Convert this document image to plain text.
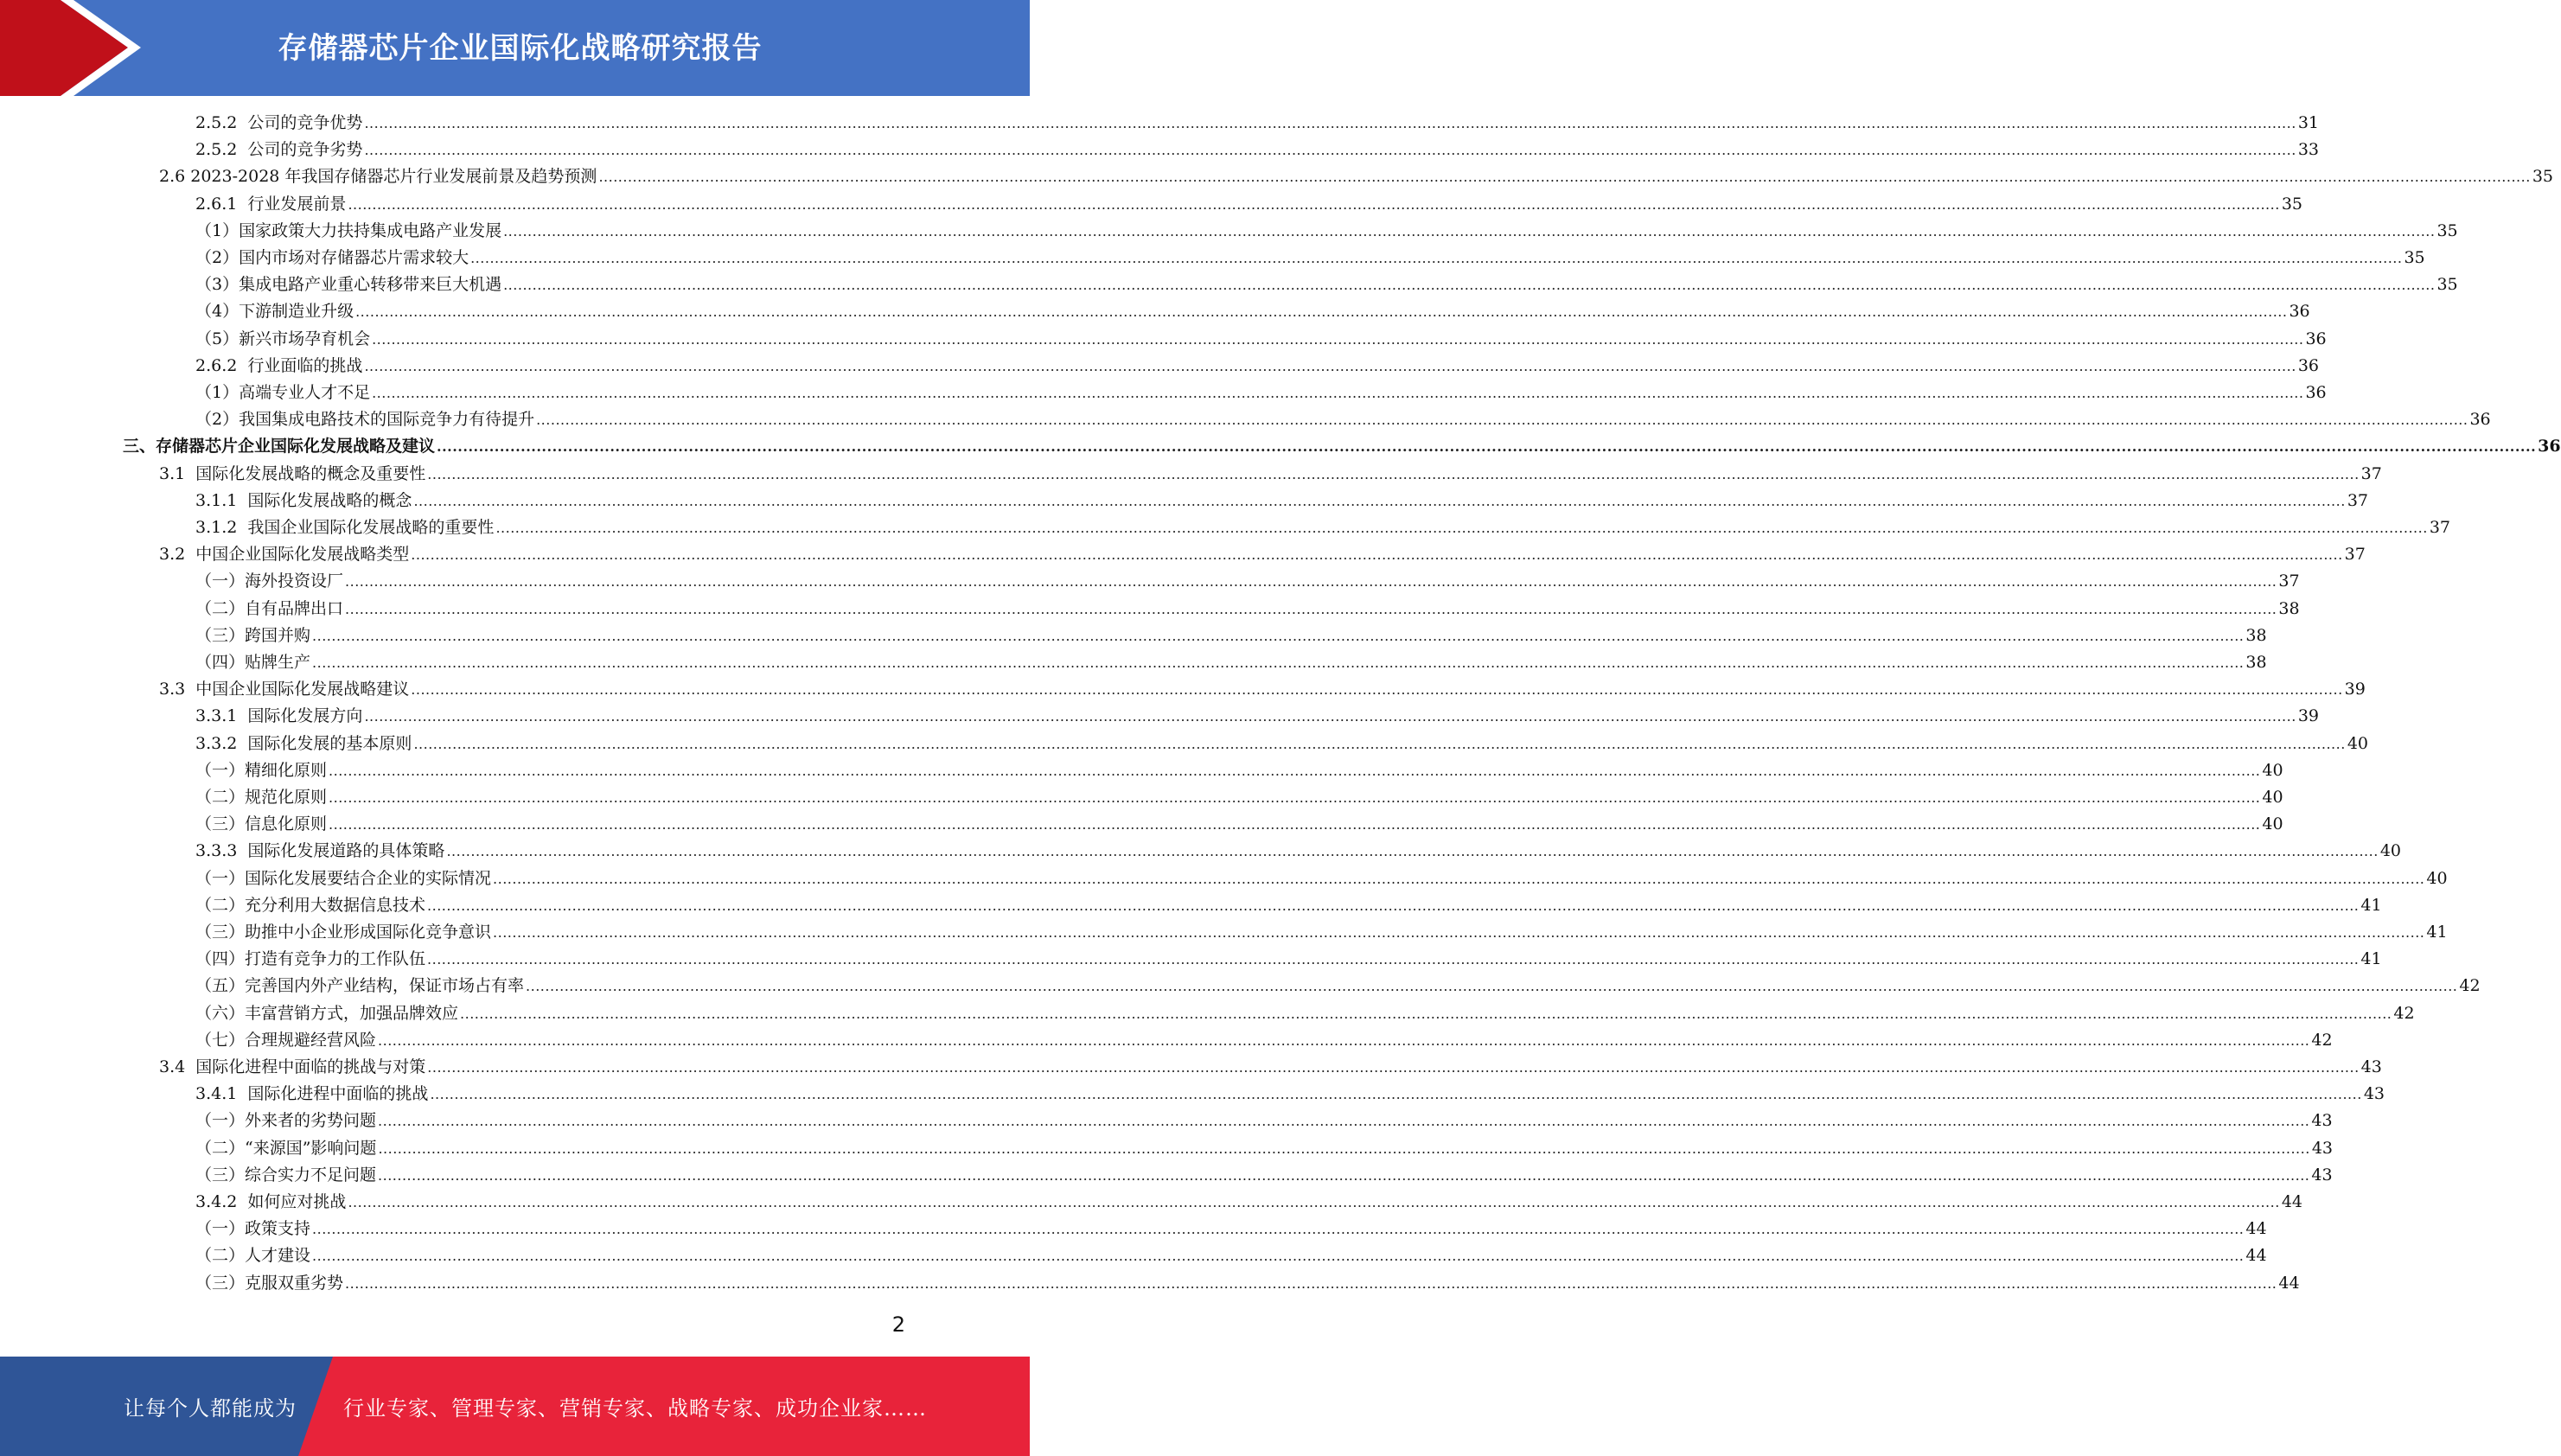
存储器芯片企业国际化战略研究报告
2.5.2  公司的竞争优势 ................................................................................................................................................................................................................................................................................................................................................................................................................ 31
2.5.2  公司的竞争劣势 ................................................................................................................................................................................................................................................................................................................................................................................................................ 33
2.6 2023-2028 年我国存储器芯片行业发展前景及趋势预测 ................................................................................................................................................................................................................................................................................................................................................................................................................ 35
2.6.1  行业发展前景 ................................................................................................................................................................................................................................................................................................................................................................................................................ 35
（1）国家政策大力扶持集成电路产业发展 ................................................................................................................................................................................................................................................................................................................................................................................................................ 35
（2）国内市场对存储器芯片需求较大 ................................................................................................................................................................................................................................................................................................................................................................................................................ 35
（3）集成电路产业重心转移带来巨大机遇 ................................................................................................................................................................................................................................................................................................................................................................................................................ 35
（4）下游制造业升级 ................................................................................................................................................................................................................................................................................................................................................................................................................ 36
（5）新兴市场孕育机会 ................................................................................................................................................................................................................................................................................................................................................................................................................ 36
2.6.2  行业面临的挑战 ................................................................................................................................................................................................................................................................................................................................................................................................................ 36
（1）高端专业人才不足 ................................................................................................................................................................................................................................................................................................................................................................................................................ 36
（2）我国集成电路技术的国际竞争力有待提升 ................................................................................................................................................................................................................................................................................................................................................................................................................ 36
三、存储器芯片企业国际化发展战略及建议 ................................................................................................................................................................................................................................................................................................................................................................................................................ 36
3.1  国际化发展战略的概念及重要性 ................................................................................................................................................................................................................................................................................................................................................................................................................ 37
3.1.1  国际化发展战略的概念 ................................................................................................................................................................................................................................................................................................................................................................................................................ 37
3.1.2  我国企业国际化发展战略的重要性 ................................................................................................................................................................................................................................................................................................................................................................................................................ 37
3.2  中国企业国际化发展战略类型 ................................................................................................................................................................................................................................................................................................................................................................................................................ 37
（一）海外投资设厂 ................................................................................................................................................................................................................................................................................................................................................................................................................ 37
（二）自有品牌出口 ................................................................................................................................................................................................................................................................................................................................................................................................................ 38
（三）跨国并购 ................................................................................................................................................................................................................................................................................................................................................................................................................ 38
（四）贴牌生产 ................................................................................................................................................................................................................................................................................................................................................................................................................ 38
3.3  中国企业国际化发展战略建议 ................................................................................................................................................................................................................................................................................................................................................................................................................ 39
3.3.1  国际化发展方向 ................................................................................................................................................................................................................................................................................................................................................................................................................ 39
3.3.2  国际化发展的基本原则 ................................................................................................................................................................................................................................................................................................................................................................................................................ 40
（一）精细化原则 ................................................................................................................................................................................................................................................................................................................................................................................................................ 40
（二）规范化原则 ................................................................................................................................................................................................................................................................................................................................................................................................................ 40
（三）信息化原则 ................................................................................................................................................................................................................................................................................................................................................................................................................ 40
3.3.3  国际化发展道路的具体策略 ................................................................................................................................................................................................................................................................................................................................................................................................................ 40
（一）国际化发展要结合企业的实际情况 ................................................................................................................................................................................................................................................................................................................................................................................................................ 40
（二）充分利用大数据信息技术 ................................................................................................................................................................................................................................................................................................................................................................................................................ 41
（三）助推中小企业形成国际化竞争意识 ................................................................................................................................................................................................................................................................................................................................................................................................................ 41
（四）打造有竞争力的工作队伍 ................................................................................................................................................................................................................................................................................................................................................................................................................ 41
（五）完善国内外产业结构，保证市场占有率 ................................................................................................................................................................................................................................................................................................................................................................................................................ 42
（六）丰富营销方式，加强品牌效应 ................................................................................................................................................................................................................................................................................................................................................................................................................ 42
（七）合理规避经营风险 ................................................................................................................................................................................................................................................................................................................................................................................................................ 42
3.4  国际化进程中面临的挑战与对策 ................................................................................................................................................................................................................................................................................................................................................................................................................ 43
3.4.1  国际化进程中面临的挑战 ................................................................................................................................................................................................................................................................................................................................................................................................................ 43
（一）外来者的劣势问题 ................................................................................................................................................................................................................................................................................................................................................................................................................ 43
（二）“来源国”影响问题 ................................................................................................................................................................................................................................................................................................................................................................................................................ 43
（三）综合实力不足问题 ................................................................................................................................................................................................................................................................................................................................................................................................................ 43
3.4.2  如何应对挑战 ................................................................................................................................................................................................................................................................................................................................................................................................................ 44
（一）政策支持 ................................................................................................................................................................................................................................................................................................................................................................................................................ 44
（二）人才建设 ................................................................................................................................................................................................................................................................................................................................................................................................................ 44
（三）克服双重劣势 ................................................................................................................................................................................................................................................................................................................................................................................................................ 44
2
让每个人都能成为 行业专家、管理专家、营销专家、战略专家、成功企业家……
